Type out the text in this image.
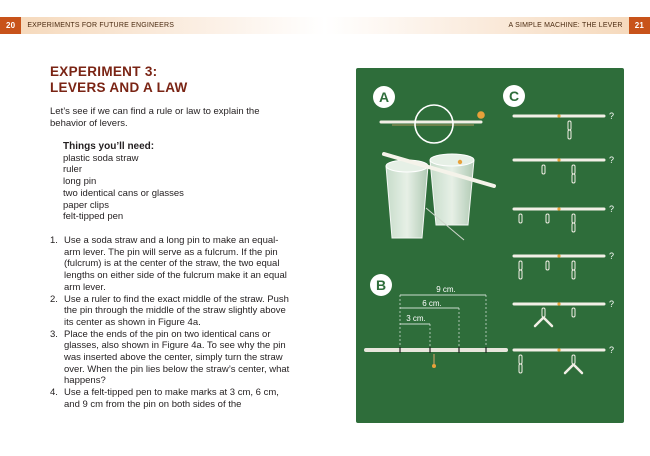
20	EXPERIMENTS FOR FUTURE ENGINEERS	A SIMPLE MACHINE: THE LEVER	21
EXPERIMENT 3:
LEVERS AND A LAW
Let’s see if we can find a rule or law to explain the behavior of levers.
Things you’ll need:
plastic soda straw
ruler
long pin
two identical cans or glasses
paper clips
felt-tipped pen

1. Use a soda straw and a long pin to make an equal-arm lever. The pin will serve as a fulcrum. If the pin (fulcrum) is at the center of the straw, the two equal lengths on either side of the fulcrum make it an equal arm lever.

2. Use a ruler to find the exact middle of the straw. Push the pin through the middle of the straw slightly above its center as shown in Figure 4a.

3. Place the ends of the pin on two identical cans or glasses, also shown in Figure 4a. To see why the pin was inserted above the center, simply turn the straw over. When the pin lies below the straw’s center, what happens?

4. Use a felt-tipped pen to make marks at 3 cm, 6 cm, and 9 cm from the pin on both sides of the

A
B	9 cm.
6 cm.
3 cm.
C
?
?
?
?
?
?
